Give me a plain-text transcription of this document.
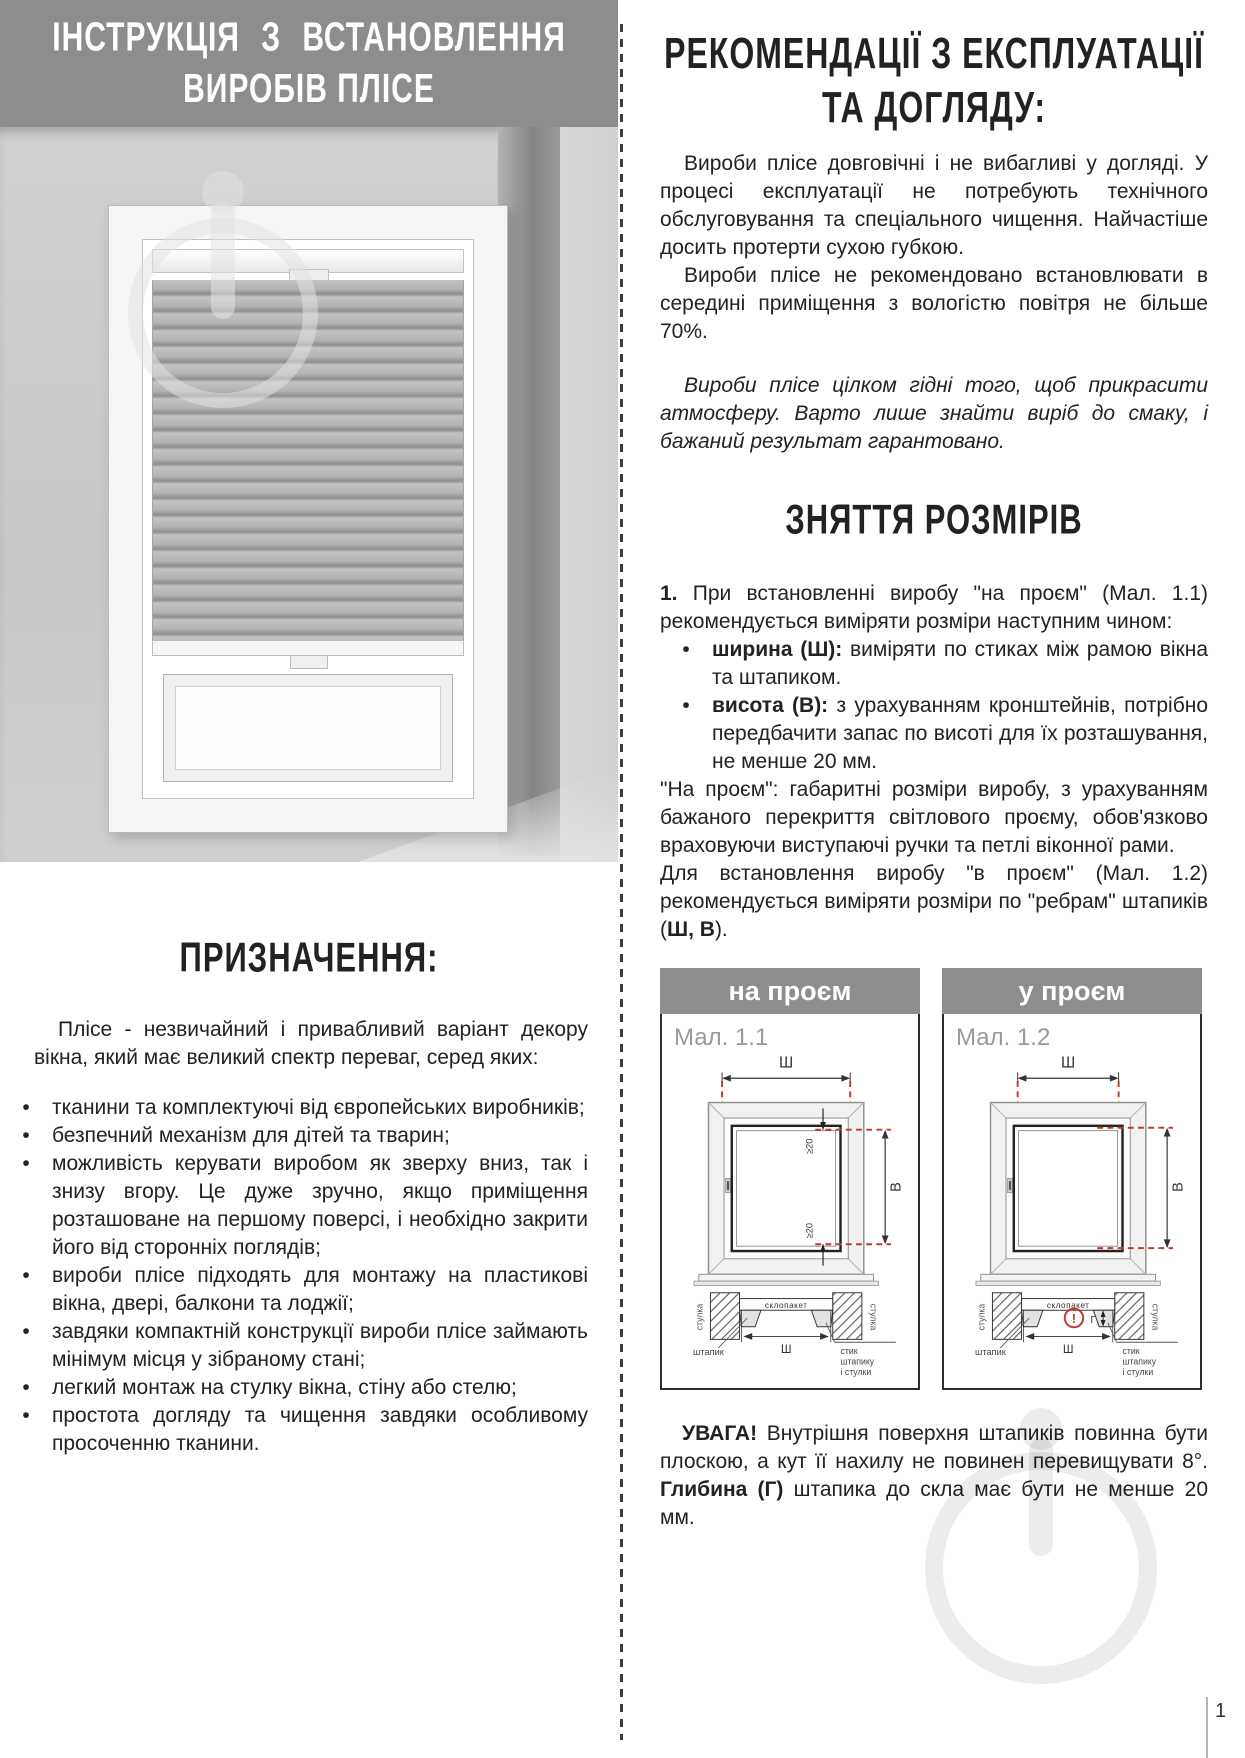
ІНСТРУКЦІЯ З ВСТАНОВЛЕННЯ
ВИРОБІВ ПЛІСЕ
ПРИЗНАЧЕННЯ:
Плісе - незвичайний і привабливий варіант декору вікна, який має великий спектр переваг, серед яких:
•	тканини та комплектуючі від європейських виробників;
•	безпечний механізм для дітей та тварин;
•	можливість керувати виробом як зверху вниз, так і знизу вгору. Це дуже зручно, якщо приміщення розташоване на першому поверсі, і необхідно закрити його від сторонніх поглядів;
•	вироби плісе підходять для монтажу на пластикові вікна, двері, балкони та лоджії;
•	завдяки компактній конструкції вироби плісе займають мінімум місця у зібраному стані;
•	легкий монтаж на стулку вікна, стіну або стелю;
•	простота догляду та чищення завдяки особливому просоченню тканини.
РЕКОМЕНДАЦІЇ З ЕКСПЛУАТАЦІЇ
ТА ДОГЛЯДУ:
Вироби плісе довговічні і не вибагливі у догляді. У процесі експлуатації не потребують технічного обслуговування та спеціального чищення. Найчастіше досить протерти сухою губкою.
Вироби плісе не рекомендовано встановлювати в середині приміщення з вологістю повітря не більше 70%.
Вироби плісе цілком гідні того, щоб прикрасити атмосферу. Варто лише знайти виріб до смаку, і бажаний результат гарантовано.
ЗНЯТТЯ РОЗМІРІВ
1. При встановленні виробу "на проєм" (Мал. 1.1) рекомендується виміряти розміри наступним чином:
•	ширина (Ш): виміряти по стиках між рамою вікна та штапиком.
•	висота (В): з урахуванням кронштейнів, потрібно передбачити запас по висоті для їх розташування, не менше 20 мм.
"На проєм": габаритні розміри виробу, з урахуванням бажаного перекриття світлового проєму, обов'язково враховуючи виступаючі ручки та петлі віконної рами.
Для встановлення виробу "в проєм" (Мал. 1.2) рекомендується виміряти розміри по "ребрам" штапиків (Ш, В).
на проєм
Мал. 1.1
Ш
В
≥20
≥20
стулка	стулка
склопакет
Ш
штапик	стик
штапику
і стулки
у проєм
Мал. 1.2
Ш
В
стулка	стулка
склопакет
Ш
штапик	стик
штапику
і стулки
! Г
УВАГА! Внутрішня поверхня штапиків повинна бути плоскою, а кут її нахилу не повинен перевищувати 8°. Глибина (Г) штапика до скла має бути не менше 20 мм.
1
